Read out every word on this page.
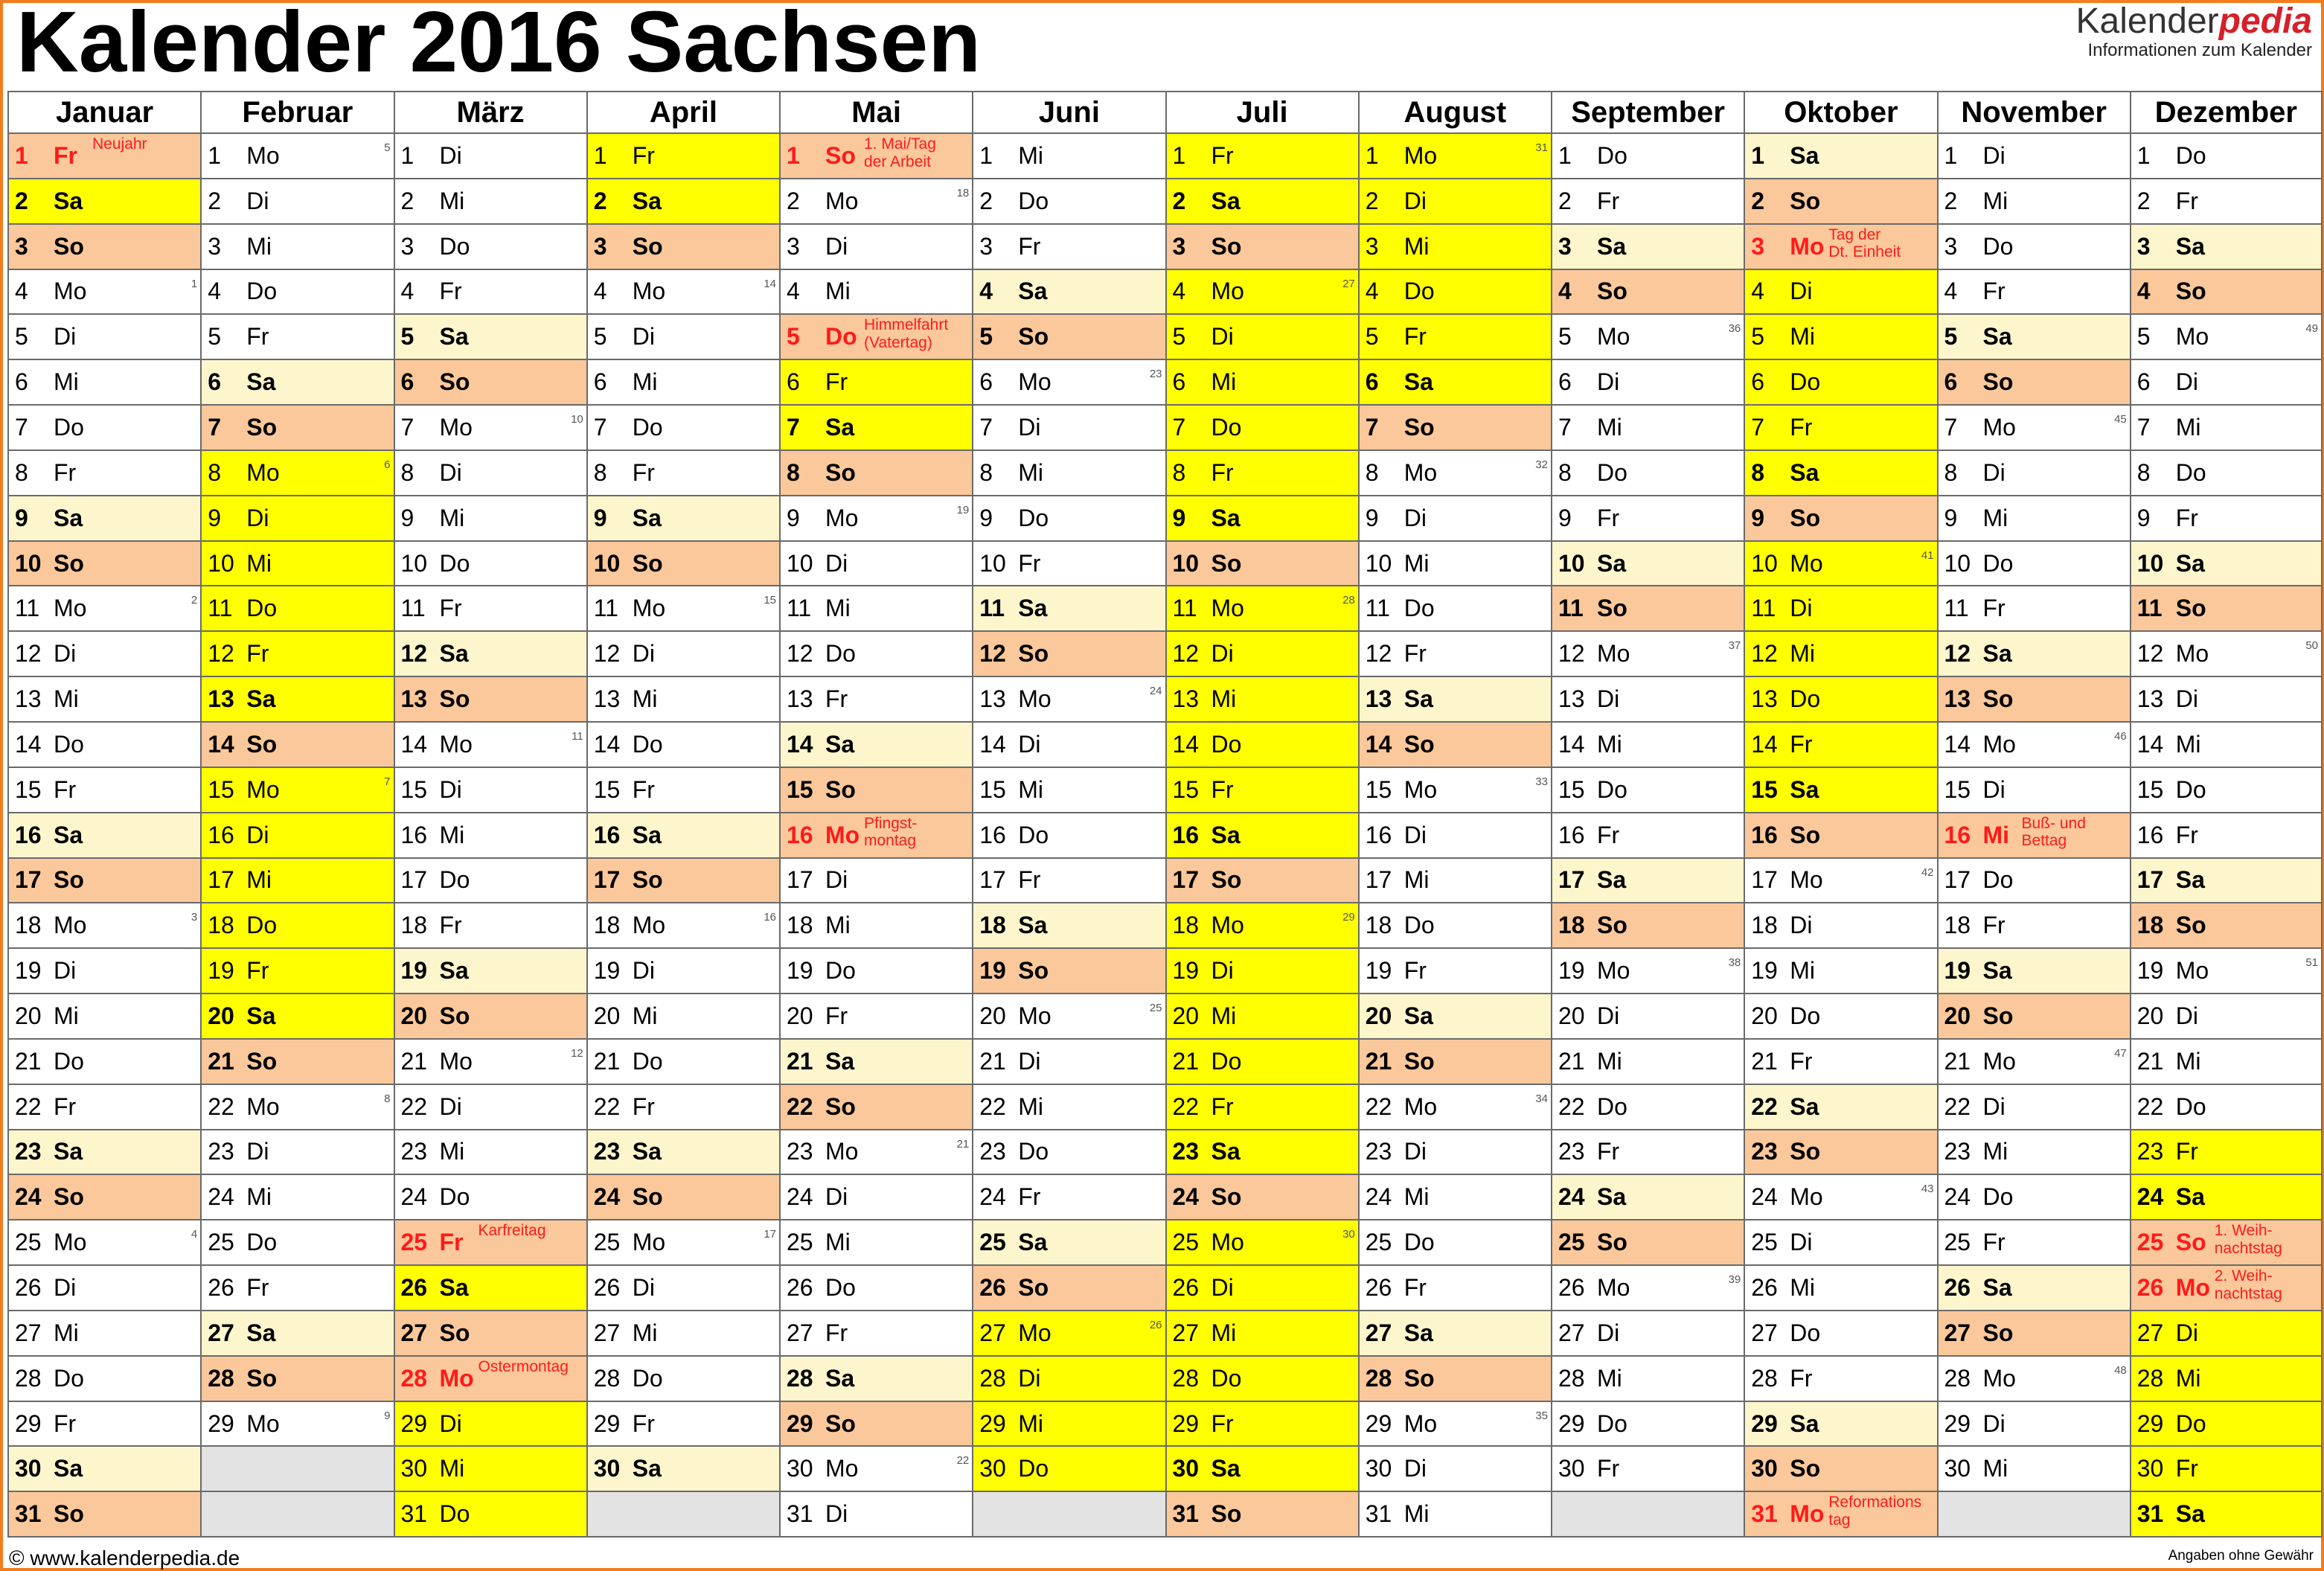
Kalender 2016 Sachsen	Kalenderpedia
Informationen zum Kalender
Januar
1	Fr Neujahr
2	Sa
3	So
4	Mo	1
5	Di
6	Mi
7	Do
8	Fr
9	Sa
10 So
11 Mo	2
12 Di
13 Mi
14 Do
15 Fr
16 Sa
17 So
18 Mo	3
19 Di
20 Mi
21 Do
22 Fr
23 Sa
24 So
25 Mo	4
26 Di
27 Mi
28 Do
29 Fr
30 Sa
31 So
Februar
1	Mo	5
2	Di
3	Mi
4	Do
5	Fr
6	Sa
7	So
8	Mo	6
9	Di
10 Mi
11 Do
12 Fr
13 Sa
14 So
15 Mo	7
16 Di
17 Mi
18 Do
19 Fr
20 Sa
21 So
22 Mo	8
23 Di
24 Mi
25 Do
26 Fr
27 Sa
28 So
29 Mo	9
März
1	Di
2	Mi
3	Do
4	Fr
5	Sa
6	So
7	Mo	10
8	Di
9	Mi
10 Do
11 Fr
12 Sa
13 So
14 Mo	11
15 Di
16 Mi
17 Do
18 Fr
19 Sa
20 So
21 Mo	12
22 Di
23 Mi
24 Do
25 Fr Karfreitag
26 Sa
27 So
28 Mo Ostermontag
29 Di
30 Mi
31 Do
April
1	Fr
2	Sa
3	So
4	Mo	14
5	Di
6	Mi
7	Do
8	Fr
9	Sa
10 So
11 Mo	15
12 Di
13 Mi
14 Do
15 Fr
16 Sa
17 So
18 Mo	16
19 Di
20 Mi
21 Do
22 Fr
23 Sa
24 So
25 Mo	17
26 Di
27 Mi
28 Do
29 Fr
30 Sa
Mai
1	So 1. Mai/Tag
der Arbeit
2	Mo	18
3	Di
4	Mi
5	Do Himmelfahrt
(Vatertag)
6	Fr
7	Sa
8	So
9	Mo	19
10 Di
11 Mi
12 Do
13 Fr
14 Sa
15 So
16 Mo Pfingst-
montag
17 Di
18 Mi
19 Do
20 Fr
21 Sa
22 So
23 Mo	21
24 Di
25 Mi
26 Do
27 Fr
28 Sa
29 So
30 Mo	22
31 Di
Juni
1	Mi
2	Do
3	Fr
4	Sa
5	So
6	Mo	23
7	Di
8	Mi
9	Do
10 Fr
11 Sa
12 So
13 Mo	24
14 Di
15 Mi
16 Do
17 Fr
18 Sa
19 So
20 Mo	25
21 Di
22 Mi
23 Do
24 Fr
25 Sa
26 So
27 Mo	26
28 Di
29 Mi
30 Do
Juli
1	Fr
2	Sa
3	So
4	Mo	27
5	Di
6	Mi
7	Do
8	Fr
9	Sa
10 So
11 Mo	28
12 Di
13 Mi
14 Do
15 Fr
16 Sa
17 So
18 Mo	29
19 Di
20 Mi
21 Do
22 Fr
23 Sa
24 So
25 Mo	30
26 Di
27 Mi
28 Do
29 Fr
30 Sa
31 So
August
1	Mo	31
2	Di
3	Mi
4	Do
5	Fr
6	Sa
7	So
8	Mo	32
9	Di
10 Mi
11 Do
12 Fr
13 Sa
14 So
15 Mo	33
16 Di
17 Mi
18 Do
19 Fr
20 Sa
21 So
22 Mo	34
23 Di
24 Mi
25 Do
26 Fr
27 Sa
28 So
29 Mo	35
30 Di
31 Mi
September
1	Do
2	Fr
3	Sa
4	So
5	Mo	36
6	Di
7	Mi
8	Do
9	Fr
10 Sa
11 So
12 Mo	37
13 Di
14 Mi
15 Do
16 Fr
17 Sa
18 So
19 Mo	38
20 Di
21 Mi
22 Do
23 Fr
24 Sa
25 So
26 Mo	39
27 Di
28 Mi
29 Do
30 Fr
Oktober
1	Sa
2	So
3	Mo Tag der
Dt. Einheit
4	Di
5	Mi
6	Do
7	Fr
8	Sa
9	So
10 Mo	41
11 Di
12 Mi
13 Do
14 Fr
15 Sa
16 So
17 Mo	42
18 Di
19 Mi
20 Do
21 Fr
22 Sa
23 So
24 Mo	43
25 Di
26 Mi
27 Do
28 Fr
29 Sa
30 So
31 Mo Reformations
tag
November
1	Di
2	Mi
3	Do
4	Fr
5	Sa
6	So
7	Mo	45
8	Di
9	Mi
10 Do
11 Fr
12 Sa
13 So
14 Mo	46
15 Di
16 Mi Buß- und
Bettag
17 Do
18 Fr
19 Sa
20 So
21 Mo	47
22 Di
23 Mi
24 Do
25 Fr
26 Sa
27 So
28 Mo	48
29 Di
30 Mi
Dezember
1	Do
2	Fr
3	Sa
4	So
5	Mo	49
6	Di
7	Mi
8	Do
9	Fr
10 Sa
11 So
12 Mo	50
13 Di
14 Mi
15 Do
16 Fr
17 Sa
18 So
19 Mo	51
20 Di
21 Mi
22 Do
23 Fr
24 Sa
25 So 1. Weih-
nachtstag
26 Mo 2. Weih-
nachtstag
27 Di
28 Mi
29 Do
30 Fr
31 Sa
© www.kalenderpedia.de	Angaben ohne Gewähr
